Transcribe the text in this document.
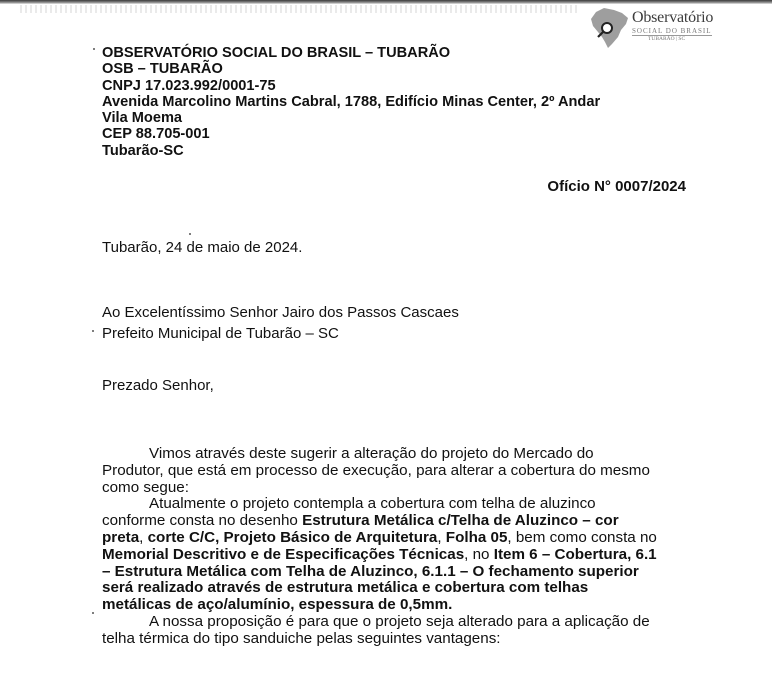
Observatório
SOCIAL DO BRASIL
TUBARÃO | SC
OBSERVATÓRIO SOCIAL DO BRASIL – TUBARÃO
OSB – TUBARÃO
CNPJ 17.023.992/0001-75
Avenida Marcolino Martins Cabral, 1788, Edifício Minas Center, 2º Andar
Vila Moema
CEP 88.705-001
Tubarão-SC
Ofício N° 0007/2024
Tubarão, 24 de maio de 2024.
Ao Excelentíssimo Senhor Jairo dos Passos Cascaes
Prefeito Municipal de Tubarão – SC
Prezado Senhor,

Vimos através deste sugerir a alteração do projeto do Mercado do

Produtor, que está em processo de execução, para alterar a cobertura do mesmo

como segue:

Atualmente o projeto contempla a cobertura com telha de aluzinco

conforme consta no desenho Estrutura Metálica c/Telha de Aluzinco – cor

preta, corte C/C, Projeto Básico de Arquitetura, Folha 05, bem como consta no

Memorial Descritivo e de Especificações Técnicas, no Item 6 – Cobertura, 6.1

– Estrutura Metálica com Telha de Aluzinco, 6.1.1 – O fechamento superior

será realizado através de estrutura metálica e cobertura com telhas

metálicas de aço/alumínio, espessura de 0,5mm.

A nossa proposição é para que o projeto seja alterado para a aplicação de

telha térmica do tipo sanduiche pelas seguintes vantagens:
